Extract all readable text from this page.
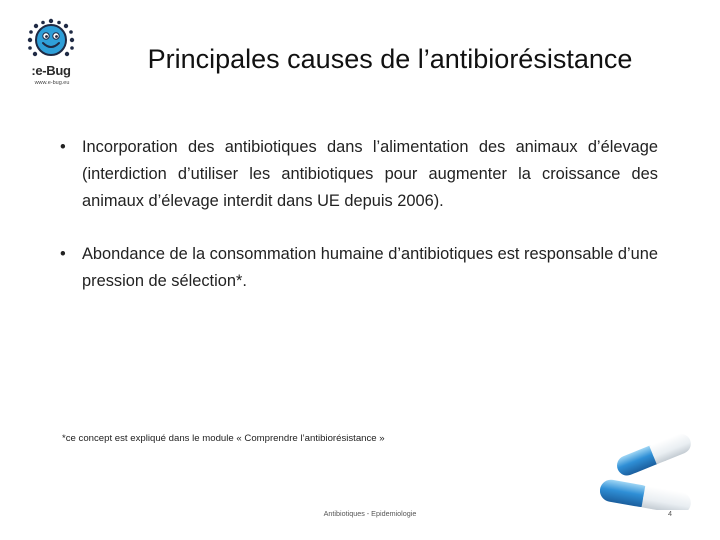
:e-Bug
www.e-bug.eu
Principales causes de l’antibiorésistance
• Incorporation des antibiotiques dans l’alimentation des animaux d’élevage (interdiction d’utiliser les antibiotiques pour augmenter la croissance des animaux d’élevage interdit dans UE depuis 2006).
• Abondance de la consommation humaine d’antibiotiques est responsable d’une pression de sélection*.
*ce concept est expliqué dans le module « Comprendre l’antibiorésistance »
Antibiotiques - Epidemiologie	4
